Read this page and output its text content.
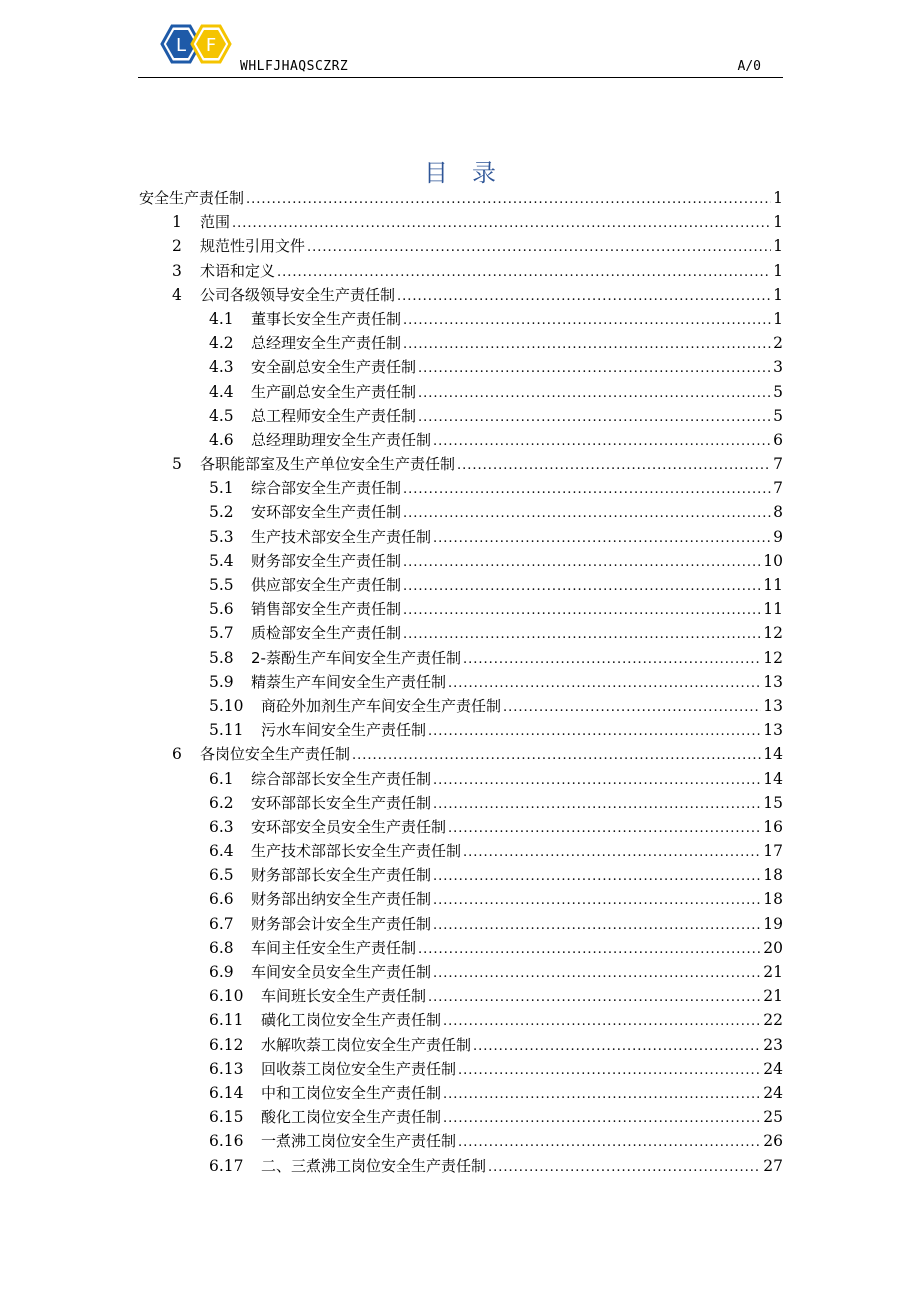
L F
WHLFJHAQSCZRZ	A/0
目录
安全生产责任制 .....	1
1	范围 .....	1
2	规范性引用文件 .....	1
3	术语和定义 .....	1
4	公司各级领导安全生产责任制 .....	1
4.1	董事长安全生产责任制 .....	1
4.2	总经理安全生产责任制 .....	2
4.3	安全副总安全生产责任制 .....	3
4.4	生产副总安全生产责任制 .....	5
4.5	总工程师安全生产责任制 .....	5
4.6	总经理助理安全生产责任制 .....	6
5	各职能部室及生产单位安全生产责任制 .....	7
5.1	综合部安全生产责任制 .....	7
5.2	安环部安全生产责任制 .....	8
5.3	生产技术部安全生产责任制 .....	9
5.4	财务部安全生产责任制 .....	10
5.5	供应部安全生产责任制 .....	11
5.6	销售部安全生产责任制 .....	11
5.7	质检部安全生产责任制 .....	12
5.8	2-萘酚生产车间安全生产责任制 .....	12
5.9	精萘生产车间安全生产责任制 .....	13
5.10	商砼外加剂生产车间安全生产责任制 .....	13
5.11	污水车间安全生产责任制 .....	13
6	各岗位安全生产责任制 .....	14
6.1	综合部部长安全生产责任制 .....	14
6.2	安环部部长安全生产责任制 .....	15
6.3	安环部安全员安全生产责任制 .....	16
6.4	生产技术部部长安全生产责任制 .....	17
6.5	财务部部长安全生产责任制 .....	18
6.6	财务部出纳安全生产责任制 .....	18
6.7	财务部会计安全生产责任制 .....	19
6.8	车间主任安全生产责任制 .....	20
6.9	车间安全员安全生产责任制 .....	21
6.10	车间班长安全生产责任制 .....	21
6.11	磺化工岗位安全生产责任制 .....	22
6.12	水解吹萘工岗位安全生产责任制 .....	23
6.13	回收萘工岗位安全生产责任制 .....	24
6.14	中和工岗位安全生产责任制 .....	24
6.15	酸化工岗位安全生产责任制 .....	25
6.16	一煮沸工岗位安全生产责任制 .....	26
6.17	二、三煮沸工岗位安全生产责任制 .....	27
